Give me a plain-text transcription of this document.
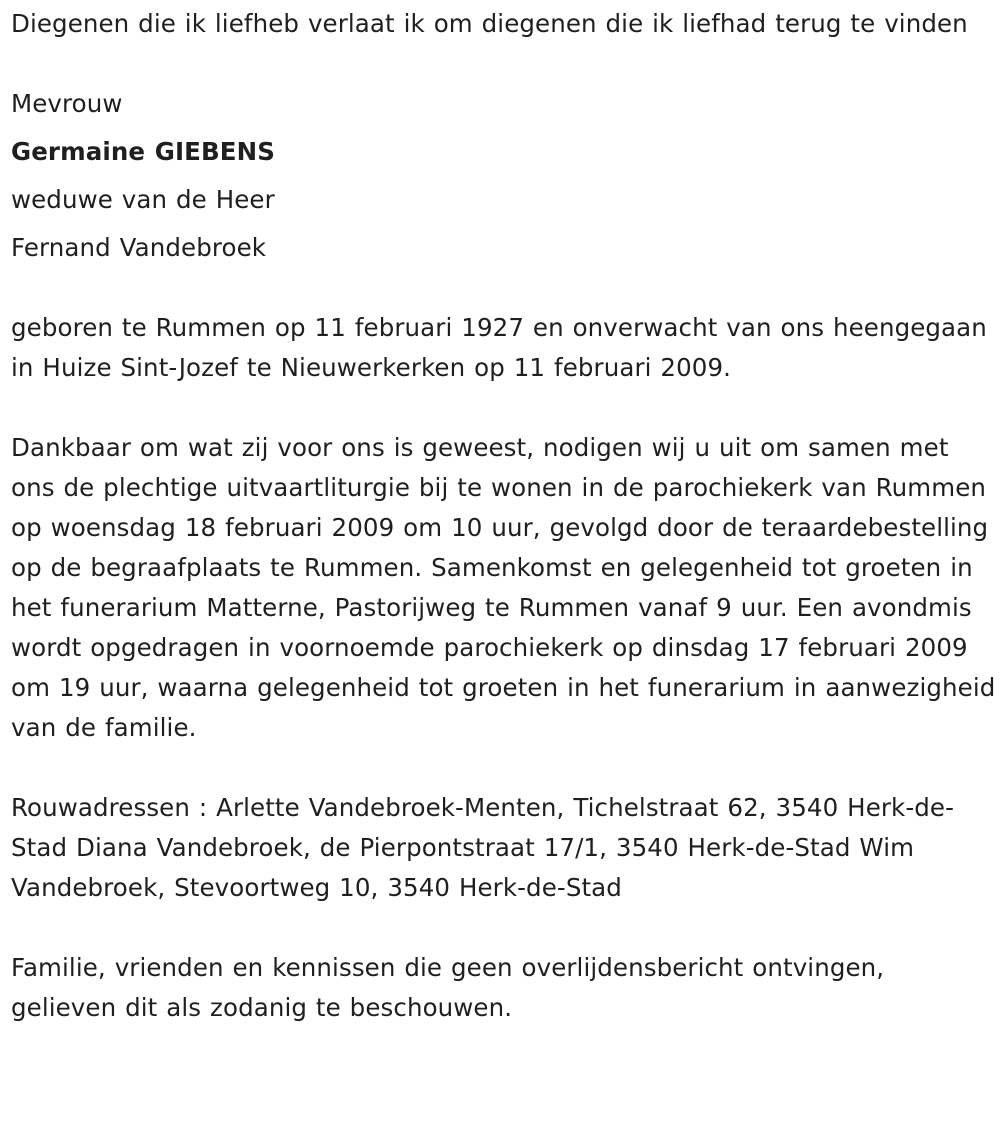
Diegenen die ik liefheb verlaat ik om diegenen die ik liefhad terug te vinden

Mevrouw

Germaine GIEBENS

weduwe van de Heer

Fernand Vandebroek

geboren te Rummen op 11 februari 1927 en onverwacht van ons heengegaan in Huize Sint-Jozef te Nieuwerkerken op 11 februari 2009.

Dankbaar om wat zij voor ons is geweest, nodigen wij u uit om samen met ons de plechtige uitvaartliturgie bij te wonen in de parochiekerk van Rummen op woensdag 18 februari 2009 om 10 uur, gevolgd door de teraardebestelling op de begraafplaats te Rummen. Samenkomst en gelegenheid tot groeten in het funerarium Matterne, Pastorijweg te Rummen vanaf 9 uur. Een avondmis wordt opgedragen in voornoemde parochiekerk op dinsdag 17 februari 2009 om 19 uur, waarna gelegenheid tot groeten in het funerarium in aanwezigheid van de familie.

Rouwadressen : Arlette Vandebroek-Menten, Tichelstraat 62, 3540 Herk-de-Stad Diana Vandebroek, de Pierpontstraat 17/1, 3540 Herk-de-Stad Wim Vandebroek, Stevoortweg 10, 3540 Herk-de-Stad

Familie, vrienden en kennissen die geen overlijdensbericht ontvingen, gelieven dit als zodanig te beschouwen.
